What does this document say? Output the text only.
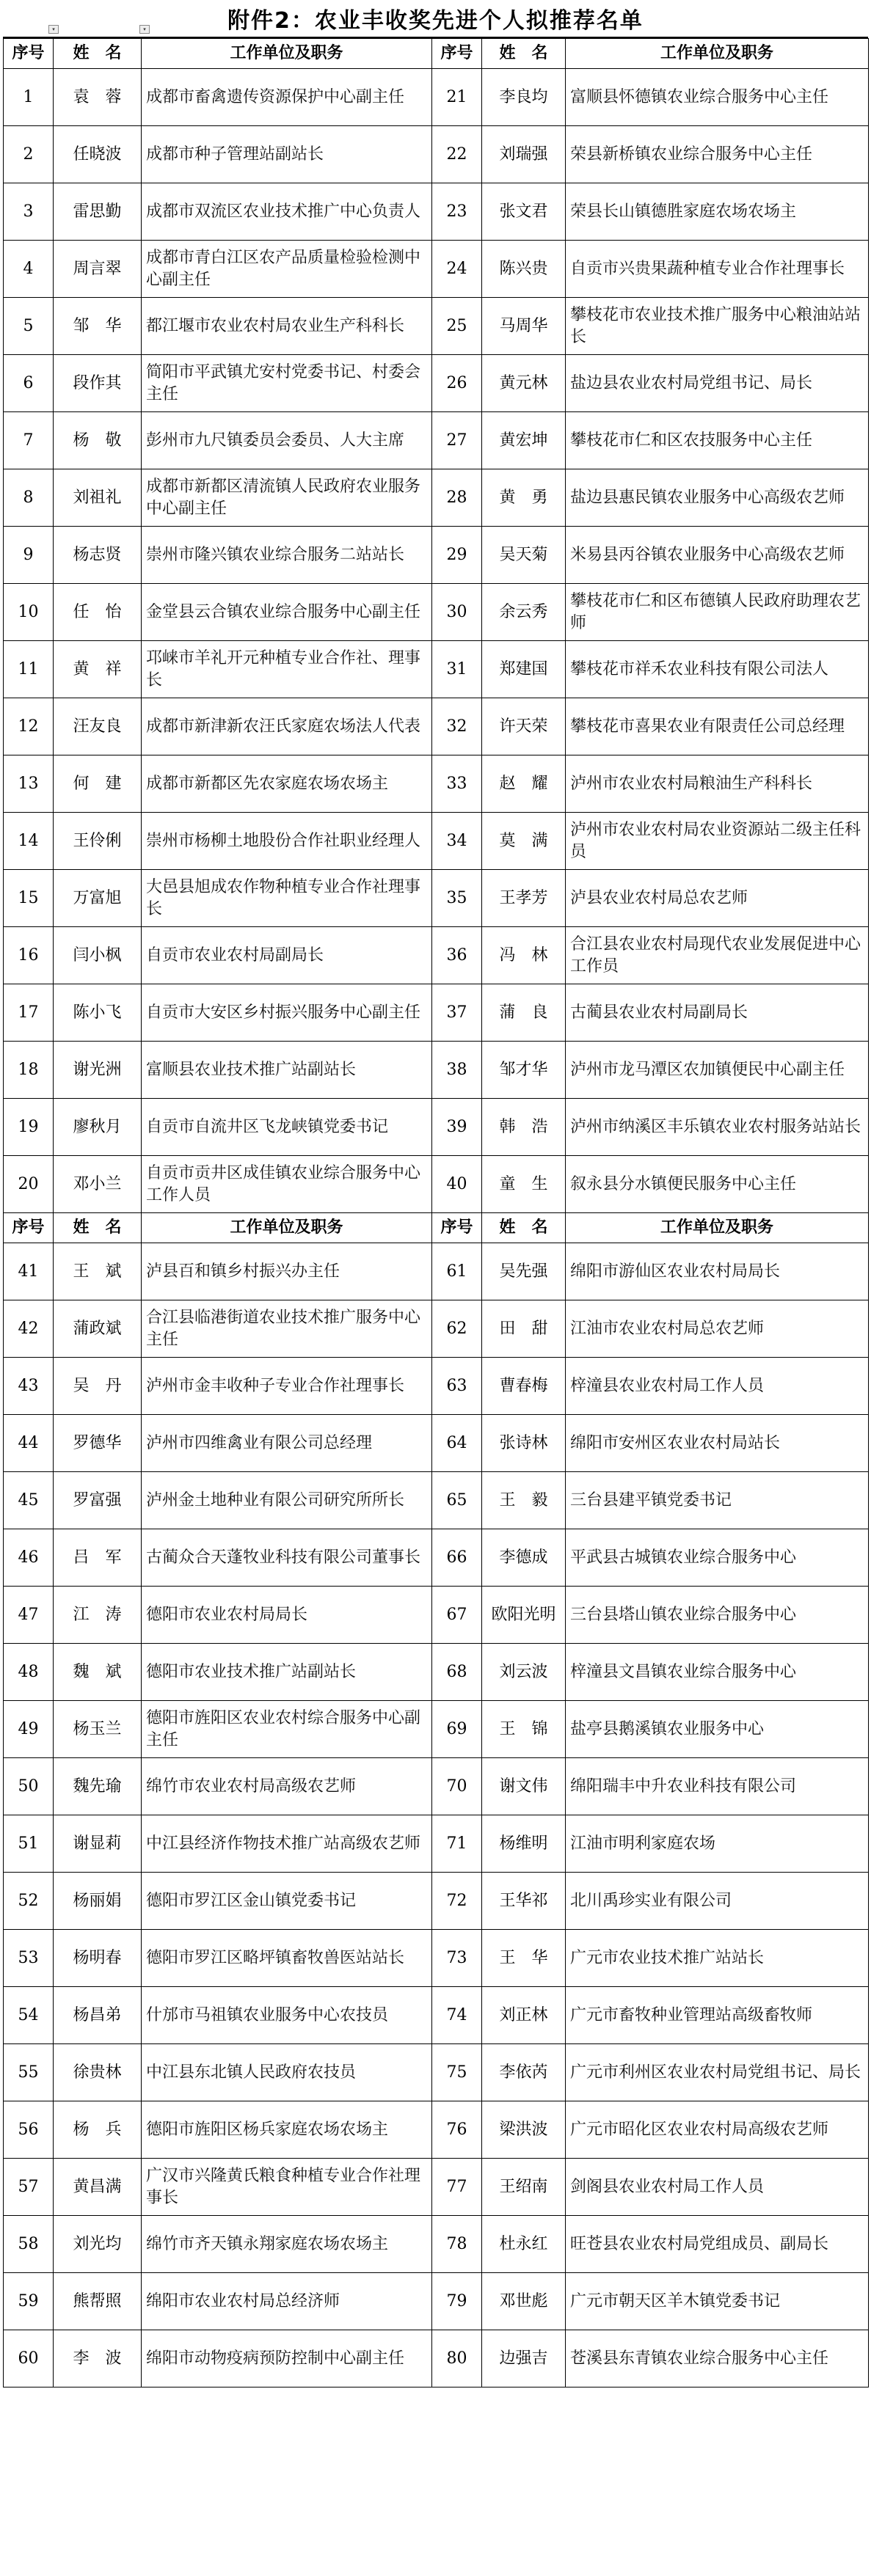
▾	▾	附件2：农业丰收奖先进个人拟推荐名单
序号	姓　名	工作单位及职务	序号	姓　名	工作单位及职务
1	袁　蓉	成都市畜禽遗传资源保护中心副主任	21	李良均	富顺县怀德镇农业综合服务中心主任
2	任晓波	成都市种子管理站副站长	22	刘瑞强	荣县新桥镇农业综合服务中心主任
3	雷思勤	成都市双流区农业技术推广中心负责人	23	张文君	荣县长山镇德胜家庭农场农场主
4	周言翠	成都市青白江区农产品质量检验检测中心副主任	24	陈兴贵	自贡市兴贵果蔬种植专业合作社理事长
5	邹　华	都江堰市农业农村局农业生产科科长	25	马周华	攀枝花市农业技术推广服务中心粮油站站长
6	段作其	简阳市平武镇尤安村党委书记、村委会主任	26	黄元林	盐边县农业农村局党组书记、局长
7	杨　敬	彭州市九尺镇委员会委员、人大主席	27	黄宏坤	攀枝花市仁和区农技服务中心主任
8	刘祖礼	成都市新都区清流镇人民政府农业服务中心副主任	28	黄　勇	盐边县惠民镇农业服务中心高级农艺师
9	杨志贤	崇州市隆兴镇农业综合服务二站站长	29	吴天菊	米易县丙谷镇农业服务中心高级农艺师
10	任　怡	金堂县云合镇农业综合服务中心副主任	30	余云秀	攀枝花市仁和区布德镇人民政府助理农艺师
11	黄　祥	邛崃市羊礼开元种植专业合作社、理事长	31	郑建国	攀枝花市祥禾农业科技有限公司法人
12	汪友良	成都市新津新农汪氏家庭农场法人代表	32	许天荣	攀枝花市喜果农业有限责任公司总经理
13	何　建	成都市新都区先农家庭农场农场主	33	赵　耀	泸州市农业农村局粮油生产科科长
14	王伶俐	崇州市杨柳土地股份合作社职业经理人	34	莫　满	泸州市农业农村局农业资源站二级主任科员
15	万富旭	大邑县旭成农作物种植专业合作社理事长	35	王孝芳	泸县农业农村局总农艺师
16	闫小枫	自贡市农业农村局副局长	36	冯　林	合江县农业农村局现代农业发展促进中心工作员
17	陈小飞	自贡市大安区乡村振兴服务中心副主任	37	蒲　良	古蔺县农业农村局副局长
18	谢光洲	富顺县农业技术推广站副站长	38	邹才华	泸州市龙马潭区农加镇便民中心副主任
19	廖秋月	自贡市自流井区飞龙峡镇党委书记	39	韩　浩	泸州市纳溪区丰乐镇农业农村服务站站长
20	邓小兰	自贡市贡井区成佳镇农业综合服务中心工作人员	40	童　生	叙永县分水镇便民服务中心主任
序号	姓　名	工作单位及职务	序号	姓　名	工作单位及职务
41	王　斌	泸县百和镇乡村振兴办主任	61	吴先强	绵阳市游仙区农业农村局局长
42	蒲政斌	合江县临港街道农业技术推广服务中心主任	62	田　甜	江油市农业农村局总农艺师
43	吴　丹	泸州市金丰收种子专业合作社理事长	63	曹春梅	梓潼县农业农村局工作人员
44	罗德华	泸州市四维禽业有限公司总经理	64	张诗林	绵阳市安州区农业农村局站长
45	罗富强	泸州金土地种业有限公司研究所所长	65	王　毅	三台县建平镇党委书记
46	吕　军	古蔺众合天蓬牧业科技有限公司董事长	66	李德成	平武县古城镇农业综合服务中心
47	江　涛	德阳市农业农村局局长	67	欧阳光明	三台县塔山镇农业综合服务中心
48	魏　斌	德阳市农业技术推广站副站长	68	刘云波	梓潼县文昌镇农业综合服务中心
49	杨玉兰	德阳市旌阳区农业农村综合服务中心副主任	69	王　锦	盐亭县鹅溪镇农业服务中心
50	魏先瑜	绵竹市农业农村局高级农艺师	70	谢文伟	绵阳瑞丰中升农业科技有限公司
51	谢显莉	中江县经济作物技术推广站高级农艺师	71	杨维明	江油市明利家庭农场
52	杨丽娟	德阳市罗江区金山镇党委书记	72	王华祁	北川禹珍实业有限公司
53	杨明春	德阳市罗江区略坪镇畜牧兽医站站长	73	王　华	广元市农业技术推广站站长
54	杨昌弟	什邡市马祖镇农业服务中心农技员	74	刘正林	广元市畜牧种业管理站高级畜牧师
55	徐贵林	中江县东北镇人民政府农技员	75	李依芮	广元市利州区农业农村局党组书记、局长
56	杨　兵	德阳市旌阳区杨兵家庭农场农场主	76	梁洪波	广元市昭化区农业农村局高级农艺师
57	黄昌满	广汉市兴隆黄氏粮食种植专业合作社理事长	77	王绍南	剑阁县农业农村局工作人员
58	刘光均	绵竹市齐天镇永翔家庭农场农场主	78	杜永红	旺苍县农业农村局党组成员、副局长
59	熊帮照	绵阳市农业农村局总经济师	79	邓世彪	广元市朝天区羊木镇党委书记
60	李　波	绵阳市动物疫病预防控制中心副主任	80	边强吉	苍溪县东青镇农业综合服务中心主任
